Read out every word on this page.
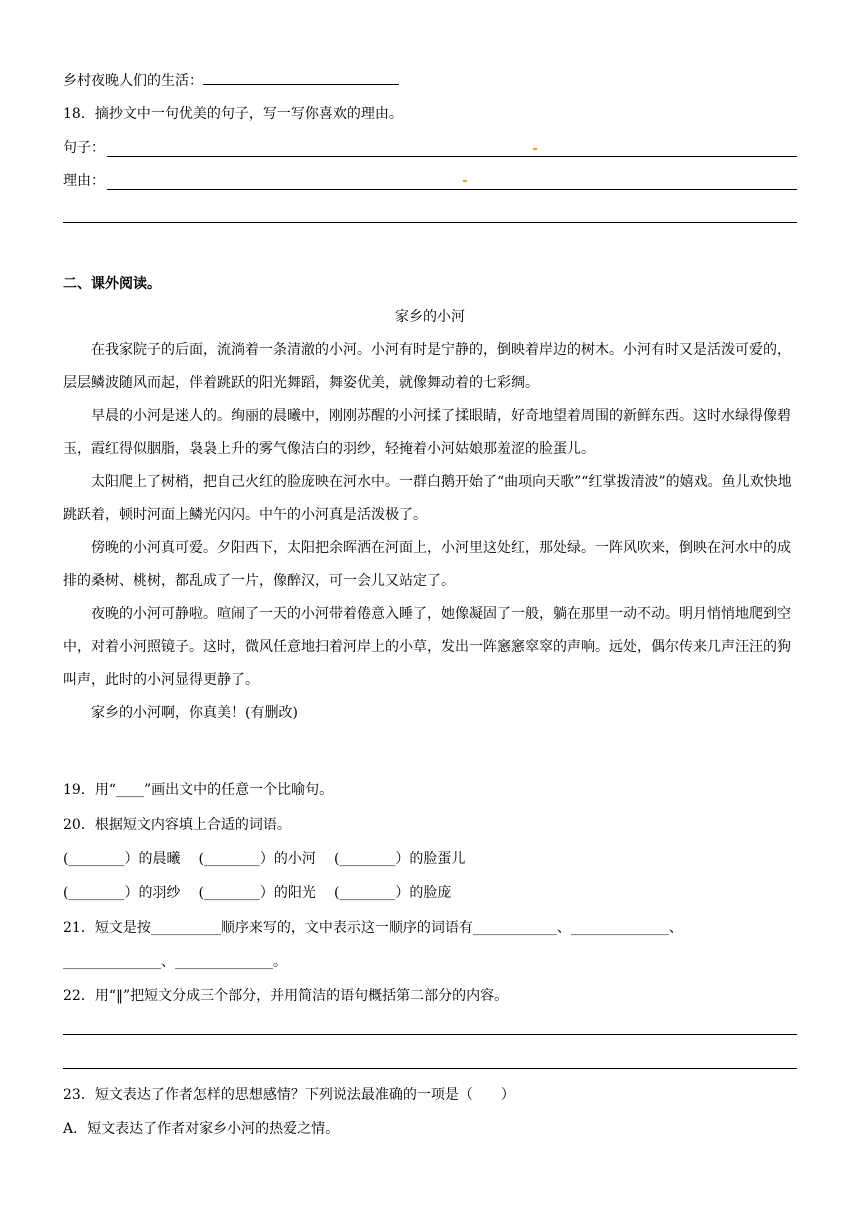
乡村夜晚人们的生活：
18．摘抄文中一句优美的句子，写一写你喜欢的理由。
句子：
理由：
二、课外阅读。
家乡的小河
在我家院子的后面，流淌着一条清澈的小河。小河有时是宁静的，倒映着岸边的树木。小河有时又是活泼可爱的，层层鳞波随风而起，伴着跳跃的阳光舞蹈，舞姿优美，就像舞动着的七彩绸。
早晨的小河是迷人的。绚丽的晨曦中，刚刚苏醒的小河揉了揉眼睛，好奇地望着周围的新鲜东西。这时水绿得像碧玉，霞红得似胭脂，袅袅上升的雾气像洁白的羽纱，轻掩着小河姑娘那羞涩的脸蛋儿。
太阳爬上了树梢，把自己火红的脸庞映在河水中。一群白鹅开始了“曲项向天歌”“红掌拨清波”的嬉戏。鱼儿欢快地跳跃着，顿时河面上鳞光闪闪。中午的小河真是活泼极了。
傍晚的小河真可爱。夕阳西下，太阳把余晖洒在河面上，小河里这处红，那处绿。一阵风吹来，倒映在河水中的成排的桑树、桃树，都乱成了一片，像醉汉，可一会儿又站定了。
夜晚的小河可静啦。喧闹了一天的小河带着倦意入睡了，她像凝固了一般，躺在那里一动不动。明月悄悄地爬到空中，对着小河照镜子。这时，微风任意地扫着河岸上的小草，发出一阵窸窸窣窣的声响。远处，偶尔传来几声汪汪的狗叫声，此时的小河显得更静了。
家乡的小河啊，你真美！(有删改)
19．用“____”画出文中的任意一个比喻句。
20．根据短文内容填上合适的词语。
(________）的晨曦 (________）的小河 (________）的脸蛋儿
(________）的羽纱 (________）的阳光 (________）的脸庞
21．短文是按__________顺序来写的，文中表示这一顺序的词语有____________、______________、
______________、______________。
22．用“‖”把短文分成三个部分，并用简洁的语句概括第二部分的内容。
23．短文表达了作者怎样的思想感情？下列说法最准确的一项是（　　）
A．短文表达了作者对家乡小河的热爱之情。
